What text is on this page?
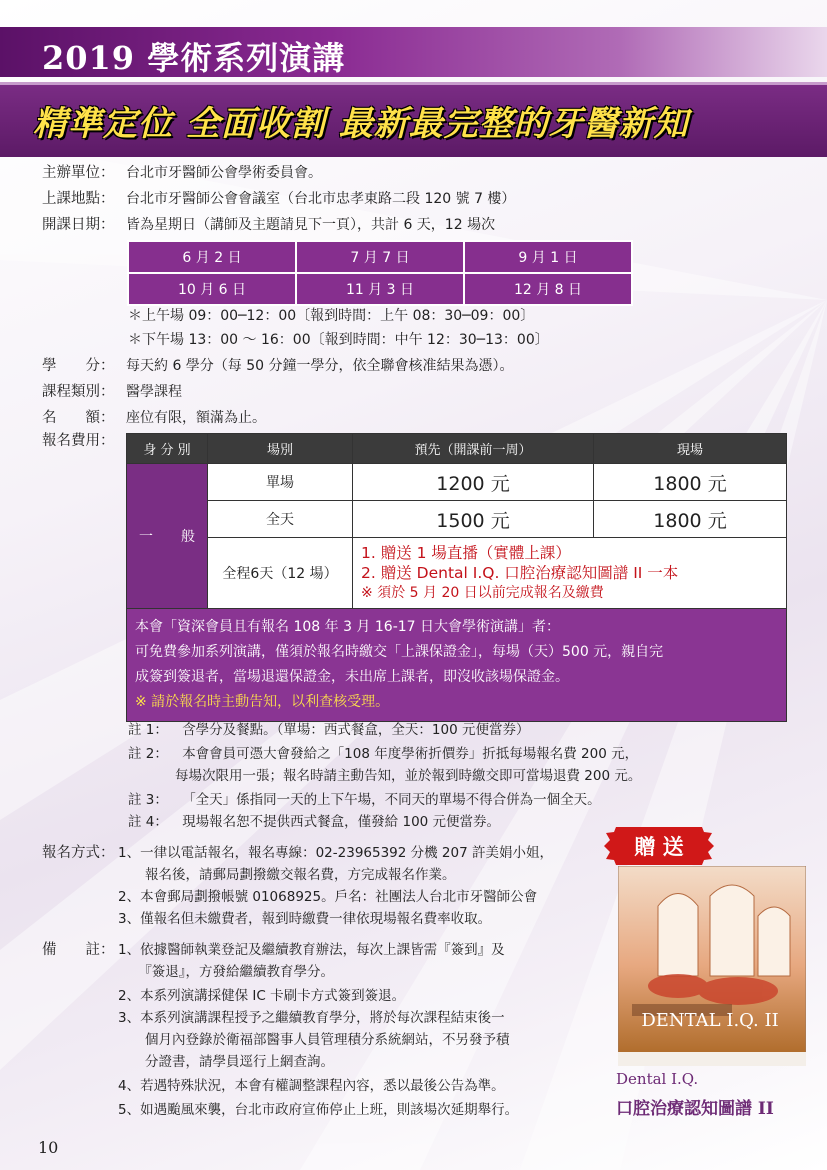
2019 學術系列演講
精準定位 全面收割 最新最完整的牙醫新知
主辦單位： 台北市牙醫師公會學術委員會。
上課地點： 台北市牙醫師公會會議室（台北市忠孝東路二段 120 號 7 樓）
開課日期： 皆為星期日（講師及主題請見下一頁），共計 6 天，12 場次
6 月 2 日	7 月 7 日	9 月 1 日
10 月 6 日	11 月 3 日	12 月 8 日
＊上午場 09：00─12：00〔報到時間：上午 08：30─09：00〕
＊下午場 13：00 ～ 16：00〔報到時間：中午 12：30─13：00〕
學　　分： 每天約 6 學分（每 50 分鐘一學分，依全聯會核准結果為憑）。
課程類別： 醫學課程
名　　額： 座位有限，額滿為止。
報名費用：
身 分 別	場別	預先（開課前一周）	現場
一　　般	單場	1200 元	1800 元
	全天	1500 元	1800 元
	全程6天（12 場）	1. 贈送 1 場直播（實體上課）
2. 贈送 Dental I.Q. 口腔治療認知圖譜 II 一本
※ 須於 5 月 20 日以前完成報名及繳費	

本會「資深會員且有報名 108 年 3 月 16-17 日大會學術演講」者：
可免費參加系列演講，僅須於報名時繳交「上課保證金」，每場（天）500 元，親自完
成簽到簽退者，當場退還保證金，未出席上課者，即沒收該場保證金。
※ 請於報名時主動告知，以利查核受理。			
註 1： 含學分及餐點。（單場：西式餐盒，全天：100 元便當券）
註 2： 本會會員可憑大會發給之「108 年度學術折價券」折抵每場報名費 200 元，
每場次限用一張；報名時請主動告知，並於報到時繳交即可當場退費 200 元。
註 3： 「全天」係指同一天的上下午場，不同天的單場不得合併為一個全天。
註 4： 現場報名恕不提供西式餐盒，僅發給 100 元便當券。
報名方式： 1、一律以電話報名，報名專線：02-23965392 分機 207 許美娟小姐，
　　報名後，請郵局劃撥繳交報名費，方完成報名作業。
2、本會郵局劃撥帳號 01068925。戶名：社團法人台北市牙醫師公會
3、僅報名但未繳費者，報到時繳費一律依現場報名費率收取。
備　　註： 1、依據醫師執業登記及繼續教育辦法，每次上課皆需『簽到』及
　　『簽退』，方發給繼續教育學分。
2、本系列演講採健保 IC 卡刷卡方式簽到簽退。
3、本系列演講課程授予之繼續教育學分，將於每次課程結束後一
　　個月內登錄於衛福部醫事人員管理積分系統網站，不另發予積
　　分證書，請學員逕行上網查詢。
4、若遇特殊狀況，本會有權調整課程內容，悉以最後公告為準。
5、如遇颱風來襲，台北市政府宣佈停止上班，則該場次延期舉行。
贈 送
DENTAL I.Q. II
Dental I.Q.
口腔治療認知圖譜 II
10
